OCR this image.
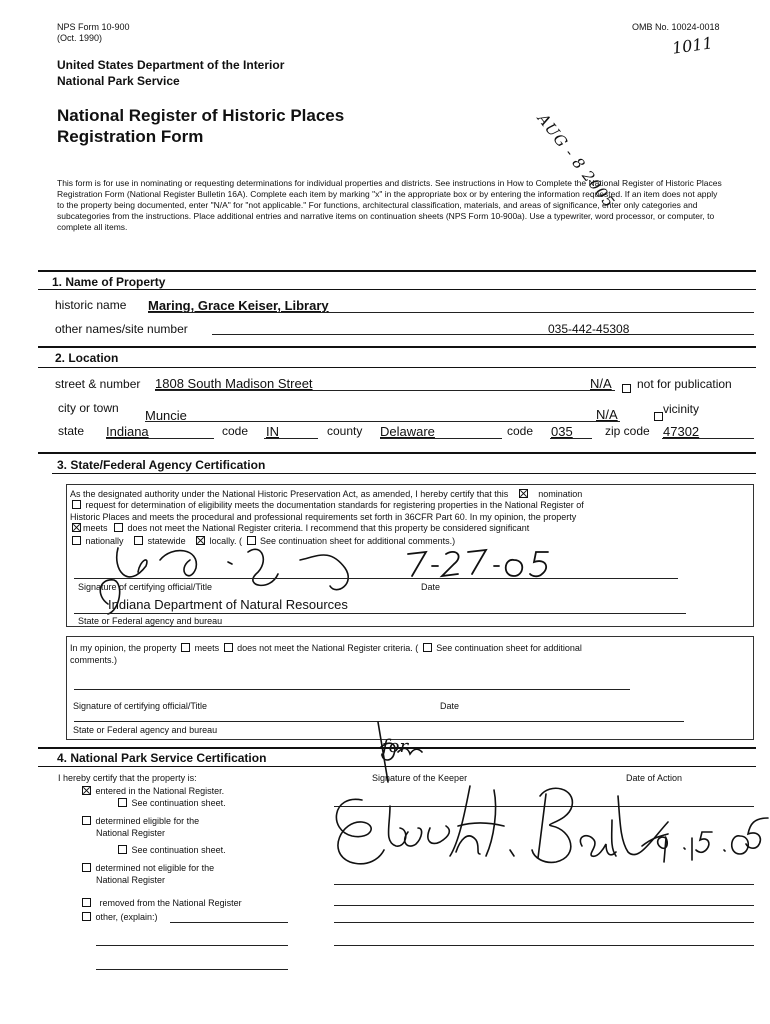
NPS Form 10-900
(Oct. 1990)
OMB No. 10024-0018
1011
United States Department of the Interior
National Park Service
National Register of Historic Places
Registration Form	AUG - 8 2005
This form is for use in nominating or requesting determinations for individual properties and districts. See instructions in How to Complete the National Register of Historic Places Registration Form (National Register Bulletin 16A). Complete each item by marking "x" in the appropriate box or by entering the information requested. If an item does not apply to the property being documented, enter "N/A" for "not applicable." For functions, architectural classification, materials, and areas of significance, enter only categories and subcategories from the instructions. Place additional entries and narrative items on continuation sheets (NPS Form 10-900a). Use a typewriter, word processor, or computer, to complete all items.
1. Name of Property
historic name Maring, Grace Keiser, Library
other names/site number	035-442-45308
2. Location
street & number 1808 South Madison Street	N/A
not for publication
city or town Muncie	N/A	vicinity
state Indiana	code IN	county Delaware	code 035	zip code 47302
3. State/Federal Agency Certification
As the designated authority under the National Historic Preservation Act, as amended, I hereby certify that this	nomination
request for determination of eligibility meets the documentation standards for registering properties in the National Register of
Historic Places and meets the procedural and professional requirements set forth in 36CFR Part 60. In my opinion, the property
meets does not meet the National Register criteria. I recommend that this property be considered significant
nationally	statewide	locally. ( See continuation sheet for additional comments.)
Signature of certifying official/Title	Date
Indiana Department of Natural Resources
State or Federal agency and bureau
In my opinion, the property meets does not meet the National Register criteria. ( See continuation sheet for additional
comments.)
Signature of certifying official/Title	Date
State or Federal agency and bureau
4. National Park Service Certification
I hereby certify that the property is:	Signature of the Keeper	Date of Action
for
entered in the National Register.
See continuation sheet.
determined eligible for the
National Register
See continuation sheet.
determined not eligible for the
National Register
removed from the National Register
other, (explain:)
